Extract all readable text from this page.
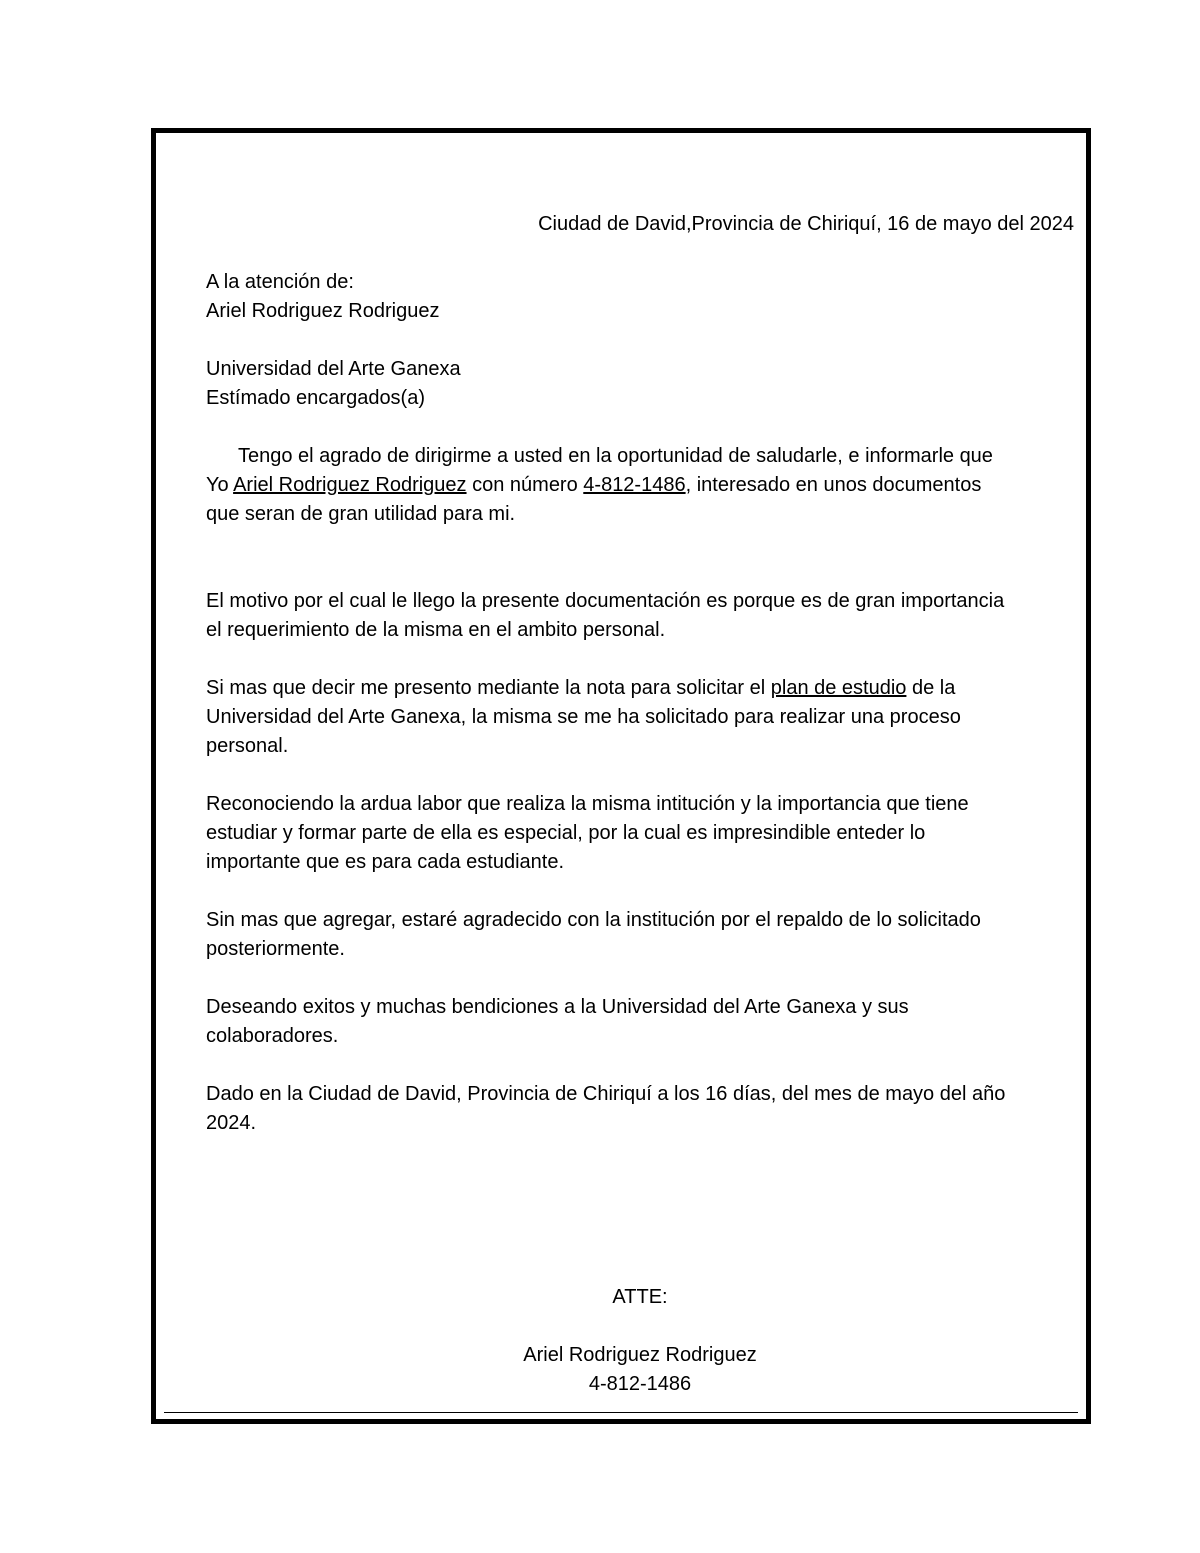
Ciudad de David,Provincia de Chiriquí, 16 de mayo del 2024

A la atención de:

Ariel Rodriguez Rodriguez

Universidad del Arte Ganexa

Estímado encargados(a)

Tengo el agrado de dirigirme a usted en la oportunidad de saludarle, e informarle que

Yo Ariel Rodriguez Rodriguez con número 4-812-1486, interesado en unos documentos

que seran de gran utilidad para mi.

El motivo por el cual le llego la presente documentación es porque es de gran importancia

el requerimiento de la misma en el ambito personal.

Si mas que decir me presento mediante la nota para solicitar el plan de estudio de la

Universidad del Arte Ganexa, la misma se me ha solicitado para realizar una proceso

personal.

Reconociendo la ardua labor que realiza la misma intitución y la importancia que tiene

estudiar y formar parte de ella es especial, por la cual es impresindible enteder lo

importante que es para cada estudiante.

Sin mas que agregar, estaré agradecido con la institución por el repaldo de lo solicitado

posteriormente.

Deseando exitos y muchas bendiciones a la Universidad del Arte Ganexa y sus

colaboradores.

Dado en la Ciudad de David, Provincia de Chiriquí a los 16 días, del mes de mayo del año

2024.

ATTE:

Ariel Rodriguez Rodriguez

4-812-1486
